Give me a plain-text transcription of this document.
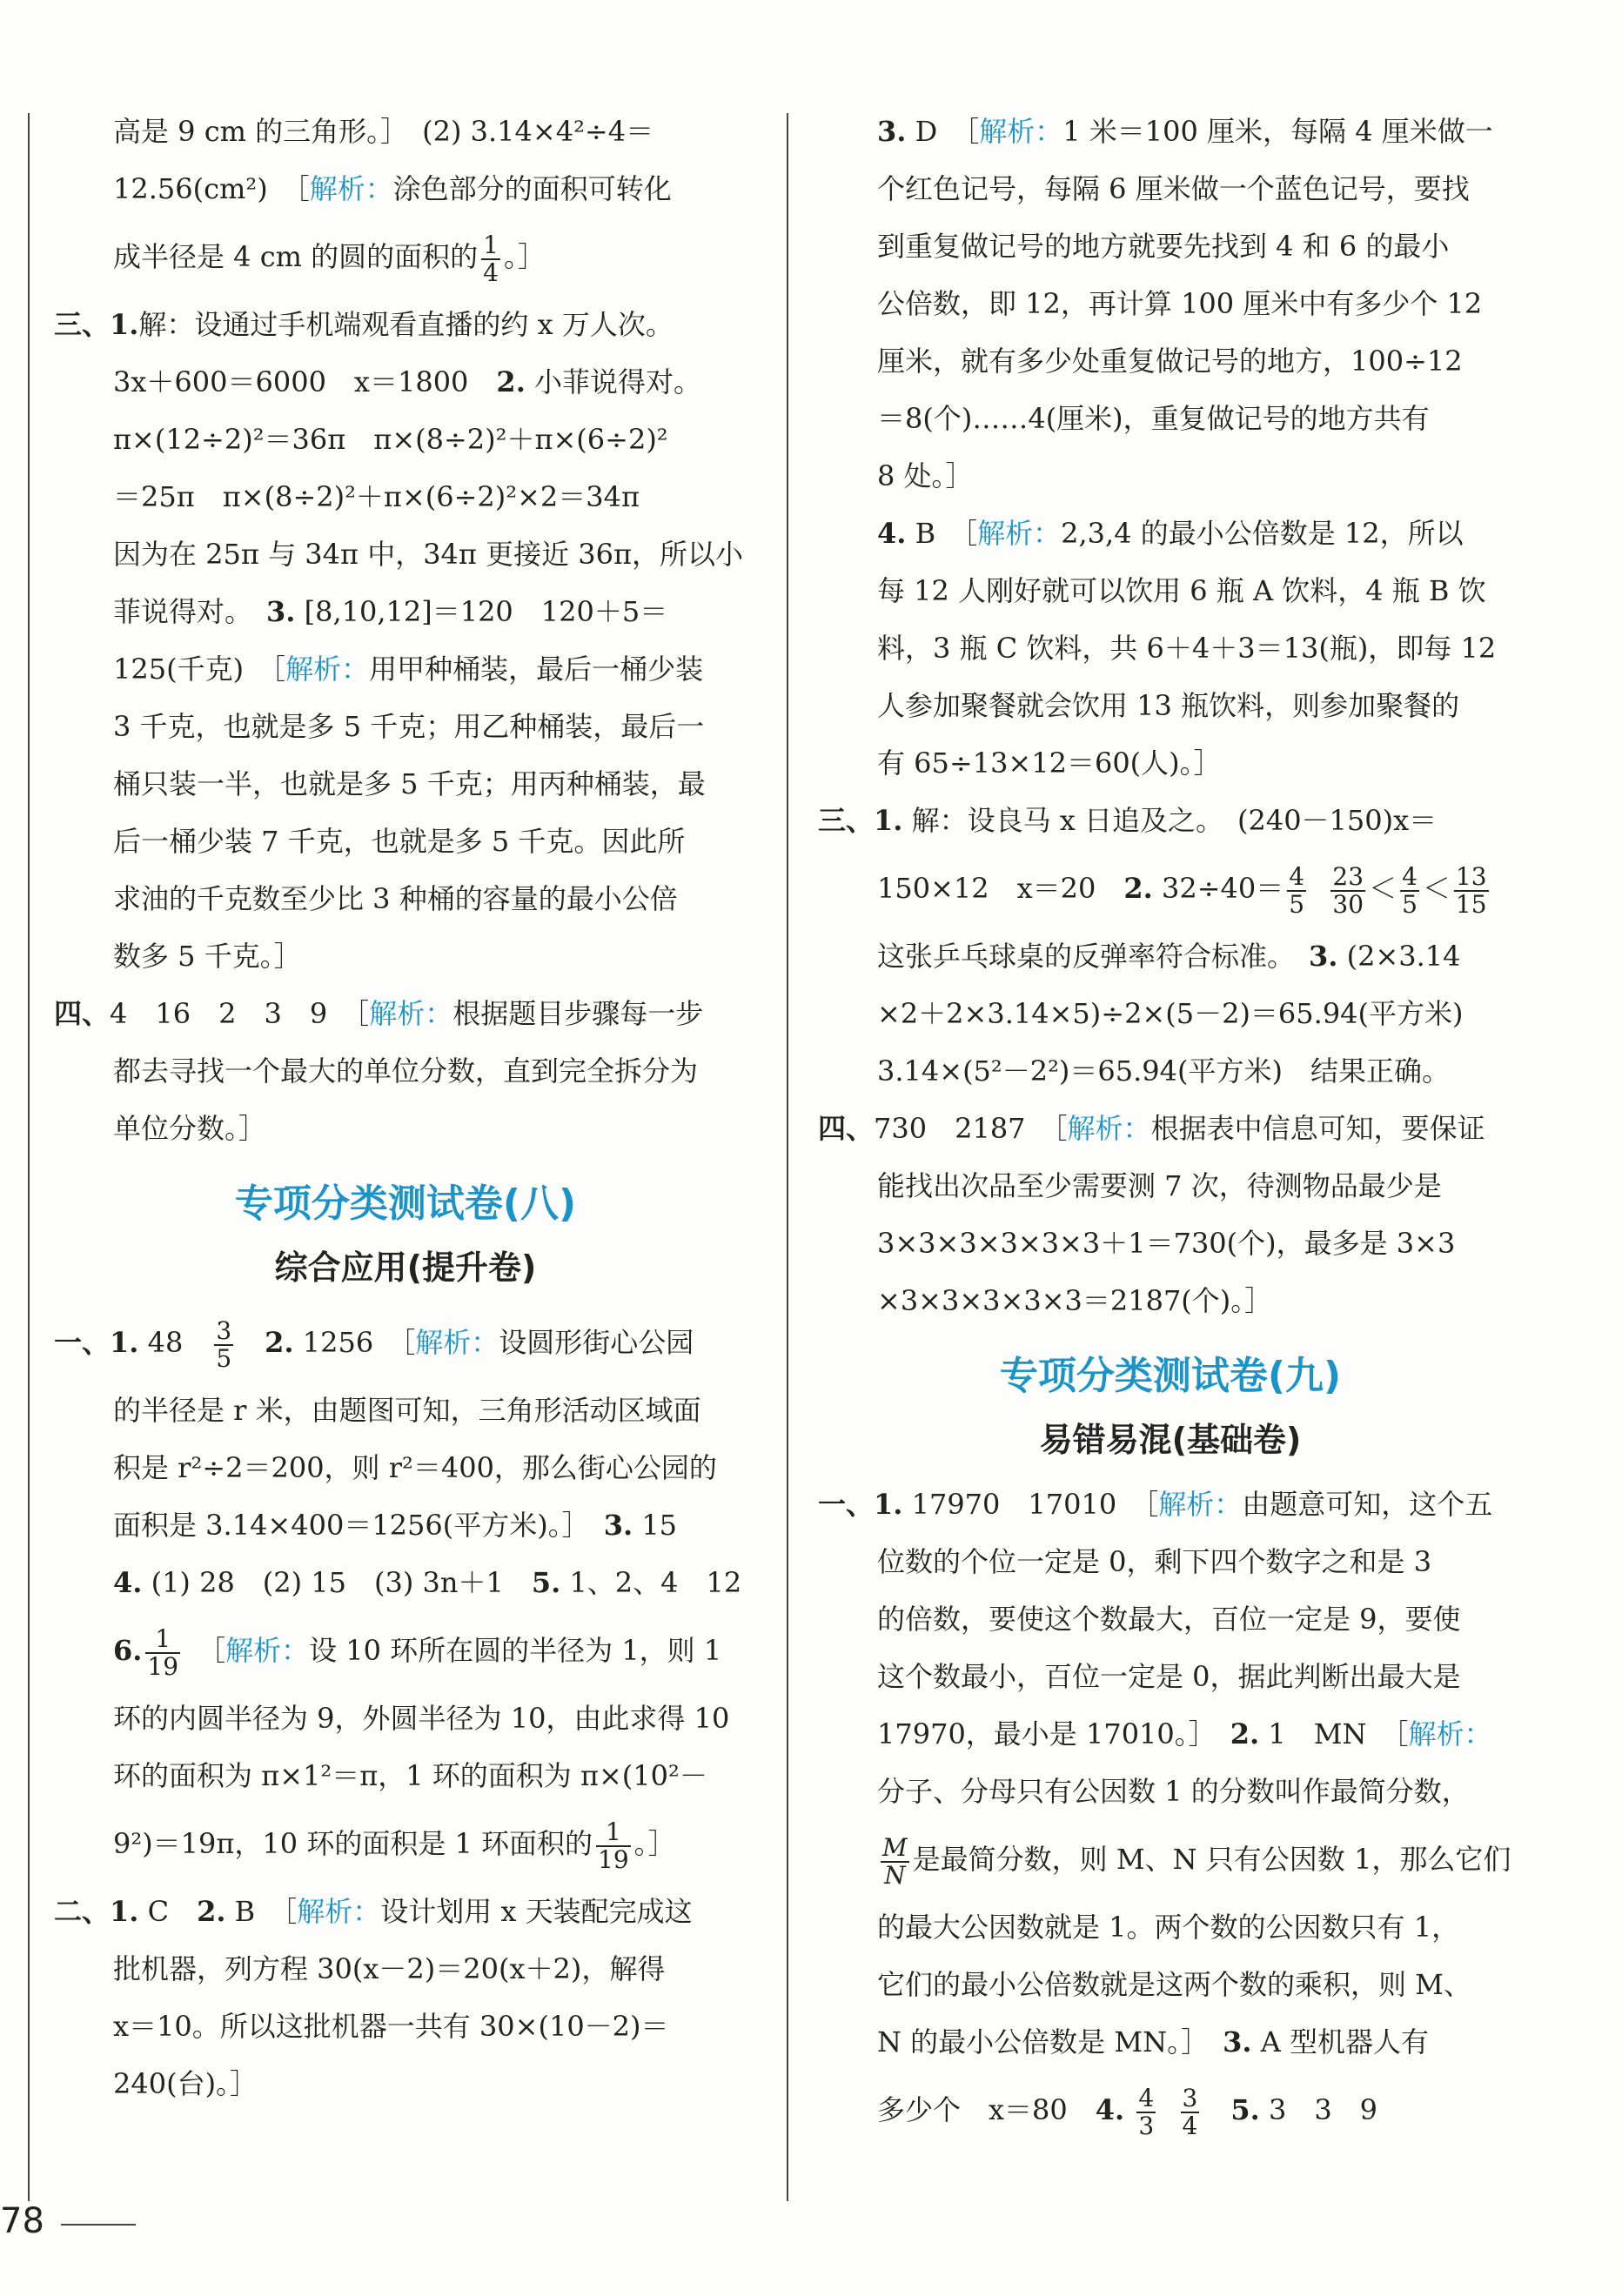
高是 9 cm 的三角形。］　(2) 3.14×4²÷4＝

12.56(cm²)　［解析：涂色部分的面积可转化

成半径是 4 cm 的圆的面积的 $\frac{1}{4}$ 。］

三、1.解：设通过手机端观看直播的约 x 万人次。

3x＋600＝6000　x＝1800　2. 小菲说得对。

π×(12÷2)²＝36π　π×(8÷2)²＋π×(6÷2)²

＝25π　π×(8÷2)²＋π×(6÷2)²×2＝34π

因为在 25π 与 34π 中，34π 更接近 36π，所以小

菲说得对。　3. [8,10,12]＝120　120＋5＝

125(千克)　［解析：用甲种桶装，最后一桶少装

3 千克，也就是多 5 千克；用乙种桶装，最后一

桶只装一半，也就是多 5 千克；用丙种桶装，最

后一桶少装 7 千克，也就是多 5 千克。因此所

求油的千克数至少比 3 种桶的容量的最小公倍

数多 5 千克。］

四、4　16　2　3　9　［解析：根据题目步骤每一步

都去寻找一个最大的单位分数，直到完全拆分为

单位分数。］

专项分类测试卷(八)
综合应用(提升卷)

一、1. 48　 $\frac{3}{5}$ 　2. 1256　［解析：设圆形街心公园

的半径是 r 米，由题图可知，三角形活动区域面

积是 r²÷2＝200，则 r²＝400，那么街心公园的

面积是 3.14×400＝1256(平方米)。］　3. 15

4. (1) 28　(2) 15　(3) 3n＋1　5. 1、2、4　12

6. $\frac{1}{19}$ 　［解析：设 10 环所在圆的半径为 1，则 1

环的内圆半径为 9，外圆半径为 10，由此求得 10

环的面积为 π×1²＝π，1 环的面积为 π×(10²－

9²)＝19π，10 环的面积是 1 环面积的 $\frac{1}{19}$ 。］

二、1. C　2. B　［解析：设计划用 x 天装配完成这

批机器，列方程 30(x－2)＝20(x＋2)，解得

x＝10。所以这批机器一共有 30×(10－2)＝

240(台)。］

3. D　［解析：1 米＝100 厘米，每隔 4 厘米做一

个红色记号，每隔 6 厘米做一个蓝色记号，要找

到重复做记号的地方就要先找到 4 和 6 的最小

公倍数，即 12，再计算 100 厘米中有多少个 12

厘米，就有多少处重复做记号的地方，100÷12

＝8(个)……4(厘米)，重复做记号的地方共有

8 处。］

4. B　［解析：2,3,4 的最小公倍数是 12，所以

每 12 人刚好就可以饮用 6 瓶 A 饮料，4 瓶 B 饮

料，3 瓶 C 饮料，共 6＋4＋3＝13(瓶)，即每 12

人参加聚餐就会饮用 13 瓶饮料，则参加聚餐的

有 65÷13×12＝60(人)。］

三、1. 解：设良马 x 日追及之。　(240－150)x＝

150×12　x＝20　2. $32\div 40= \frac{4}{5}$
$\frac{23}{30} < \frac{4}{5} < \frac{13}{15}$

这张乒乓球桌的反弹率符合标准。　3. (2×3.14

×2＋2×3.14×5)÷2×(5－2)＝65.94(平方米)

3.14×(5²－2²)＝65.94(平方米)　结果正确。

四、730　2187　［解析：根据表中信息可知，要保证

能找出次品至少需要测 7 次，待测物品最少是

3×3×3×3×3×3＋1＝730(个)，最多是 3×3

×3×3×3×3×3＝2187(个)。］

专项分类测试卷(九)
易错易混(基础卷)

一、1. 17970　17010　［解析：由题意可知，这个五

位数的个位一定是 0，剩下四个数字之和是 3

的倍数，要使这个数最大，百位一定是 9，要使

这个数最小，百位一定是 0，据此判断出最大是

17970，最小是 17010。］　2. 1　MN　［解析：

分子、分母只有公因数 1 的分数叫作最简分数，

$\frac{M}{N}$ 是最简分数，则 M、N 只有公因数 1，那么它们

的最大公因数就是 1。两个数的公因数只有 1，

它们的最小公倍数就是这两个数的乘积，则 M、

N 的最小公倍数是 MN。］　3. A 型机器人有

多少个　x＝80　4. $\frac{4}{3}$
$\frac{3}{4}$ 　5. 3　3　9

78
